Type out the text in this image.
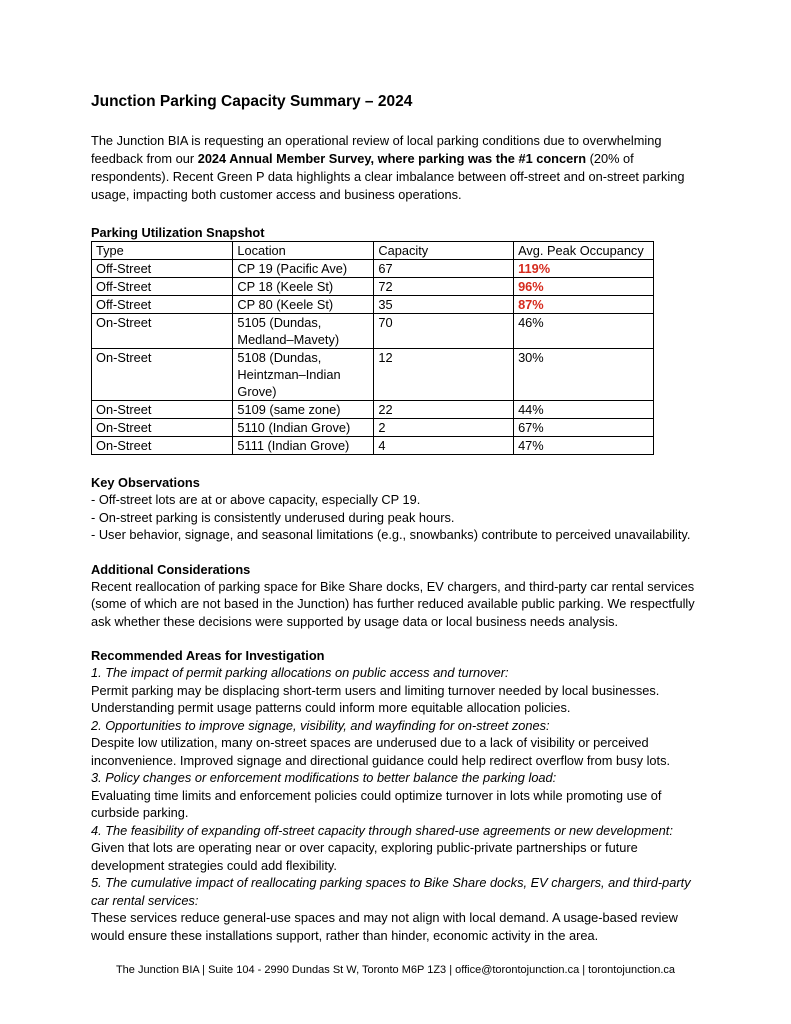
Junction Parking Capacity Summary – 2024

The Junction BIA is requesting an operational review of local parking conditions due to overwhelming feedback from our 2024 Annual Member Survey, where parking was the #1 concern (20% of respondents). Recent Green P data highlights a clear imbalance between off-street and on-street parking usage, impacting both customer access and business operations.

Parking Utilization Snapshot
Type	Location	Capacity	Avg. Peak Occupancy
Off-Street	CP 19 (Pacific Ave)	67	119%
Off-Street	CP 18 (Keele St)	72	96%
Off-Street	CP 80 (Keele St)	35	87%
On-Street	5105 (Dundas, Medland–Mavety)	70	46%
On-Street	5108 (Dundas, Heintzman–Indian Grove)	12	30%
On-Street	5109 (same zone)	22	44%
On-Street	5110 (Indian Grove)	2	67%
On-Street	5111 (Indian Grove)	4	47%
Key Observations

- Off-street lots are at or above capacity, especially CP 19.

- On-street parking is consistently underused during peak hours.

- User behavior, signage, and seasonal limitations (e.g., snowbanks) contribute to perceived unavailability.

Additional Considerations

Recent reallocation of parking space for Bike Share docks, EV chargers, and third-party car rental services (some of which are not based in the Junction) has further reduced available public parking. We respectfully ask whether these decisions were supported by usage data or local business needs analysis.

Recommended Areas for Investigation

1. The impact of permit parking allocations on public access and turnover:

Permit parking may be displacing short-term users and limiting turnover needed by local businesses. Understanding permit usage patterns could inform more equitable allocation policies.

2. Opportunities to improve signage, visibility, and wayfinding for on-street zones:

Despite low utilization, many on-street spaces are underused due to a lack of visibility or perceived inconvenience. Improved signage and directional guidance could help redirect overflow from busy lots.

3. Policy changes or enforcement modifications to better balance the parking load:

Evaluating time limits and enforcement policies could optimize turnover in lots while promoting use of curbside parking.

4. The feasibility of expanding off-street capacity through shared-use agreements or new development:

Given that lots are operating near or over capacity, exploring public-private partnerships or future development strategies could add flexibility.

5. The cumulative impact of reallocating parking spaces to Bike Share docks, EV chargers, and third-party car rental services:

These services reduce general-use spaces and may not align with local demand. A usage-based review would ensure these installations support, rather than hinder, economic activity in the area.

The Junction BIA | Suite 104 - 2990 Dundas St W, Toronto M6P 1Z3 | office@torontojunction.ca | torontojunction.ca
